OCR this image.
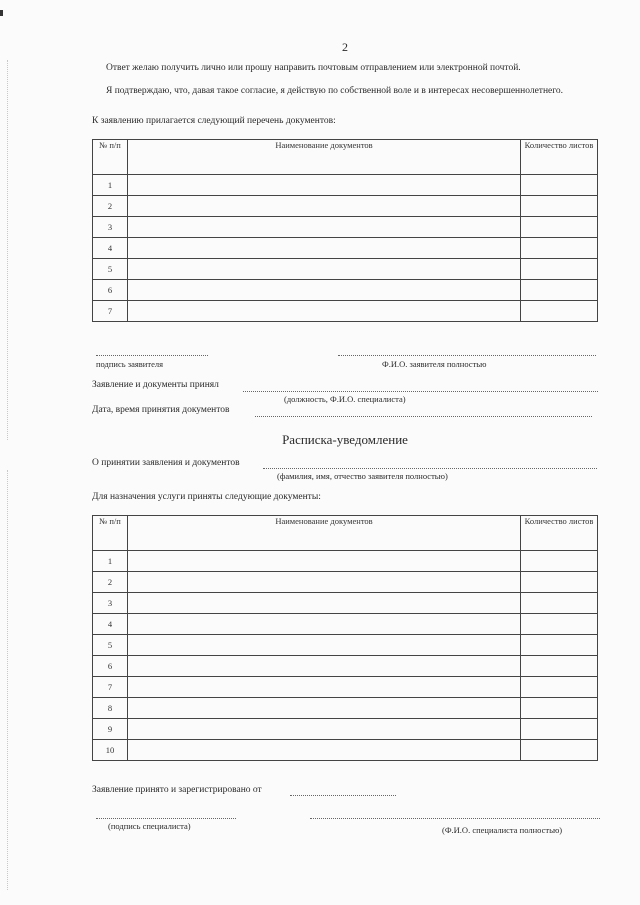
2
Ответ желаю получить лично или прошу направить почтовым отправлением или электронной почтой.
Я подтверждаю, что, давая такое согласие, я действую по собственной воле и в интересах несовершеннолетнего.
К заявлению прилагается следующий перечень документов:
№ п/п	Наименование документов	Количество листов
1		
2		
3		
4		
5		
6		
7		
подпись заявителя	Ф.И.О. заявителя полностью
Заявление и документы принял
(должность, Ф.И.О. специалиста)
Дата, время принятия документов
Расписка-уведомление
О принятии заявления и документов
(фамилия, имя, отчество заявителя полностью)
Для назначения услуги приняты следующие документы:
№ п/п	Наименование документов	Количество листов
1		
2		
3		
4		
5		
6		
7		
8		
9		
10		
Заявление принято и зарегистрировано от
(подпись специалиста)	(Ф.И.О. специалиста полностью)
